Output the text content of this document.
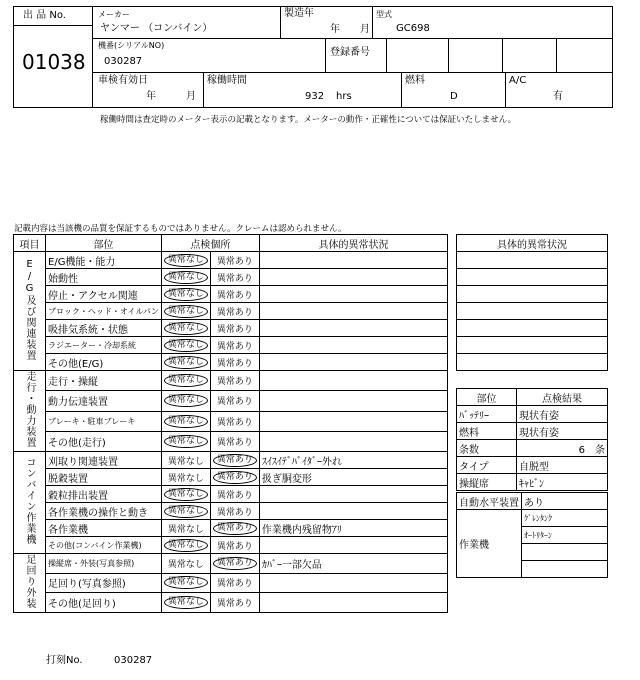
出 品 No.
01038
メーカー
ヤンマー （コンバイン）
製造年
年　　月
型式
GC698
機番(シリアルNO)
030287
登録番号
車検有効日
年　　　月
稼働時間
932 hrs
燃料
D
A/C
有
稼働時間は査定時のメーター表示の記載となります。メーターの動作・正確性については保証いたしません。
記載内容は当該機の品質を保証するものではありません。クレームは認められません。
項目	部位	点検個所		具体的異常状況
E/G及び関連装置	E/G機能・能力	異常なし	異常あり	
	始動性	異常なし	異常あり	
	停止・アクセル関連	異常なし	異常あり	
	ブロック・ヘッド・オイルパン	異常なし	異常あり	
	吸排気系統・状態	異常なし	異常あり	
	ラジエーター・冷却系統	異常なし	異常あり	
	その他(E/G)	異常なし	異常あり	
走行・動力装置	走行・操縦	異常なし	異常あり	
	動力伝達装置	異常なし	異常あり	
	ブレーキ・駐車ブレーキ	異常なし	異常あり	
	その他(走行)	異常なし	異常あり	
コンバイン作業機	刈取り関連装置	異常なし	異常あり	ｽｲｽｲﾃﾞﾊﾞｲﾀﾞｰ外れ
	脱穀装置	異常なし	異常あり	扱ぎ胴変形
	穀粒排出装置	異常なし	異常あり	
	各作業機の操作と動き	異常なし	異常あり	
	各作業機	異常なし	異常あり	作業機内残留物ｱﾘ
	その他(コンバイン作業機)	異常なし	異常あり	
足回り外装	操縦席・外装(写真参照)	異常なし	異常あり	ｶﾊﾞｰ一部欠品
	足回り(写真参照)	異常なし	異常あり	
	その他(足回り)	異常なし	異常あり	
具体的異常状況

部位	点検結果
ﾊﾞｯﾃﾘｰ	現状有姿
燃料	現状有姿
条数	6　条
タイプ	自脱型
操縦席	ｷｬﾋﾞﾝ
自動水平装置	あり
作業機	ｸﾞﾚﾝﾀﾝｸ
	ｵｰﾄﾘﾀｰﾝ

打刻No.	030287
